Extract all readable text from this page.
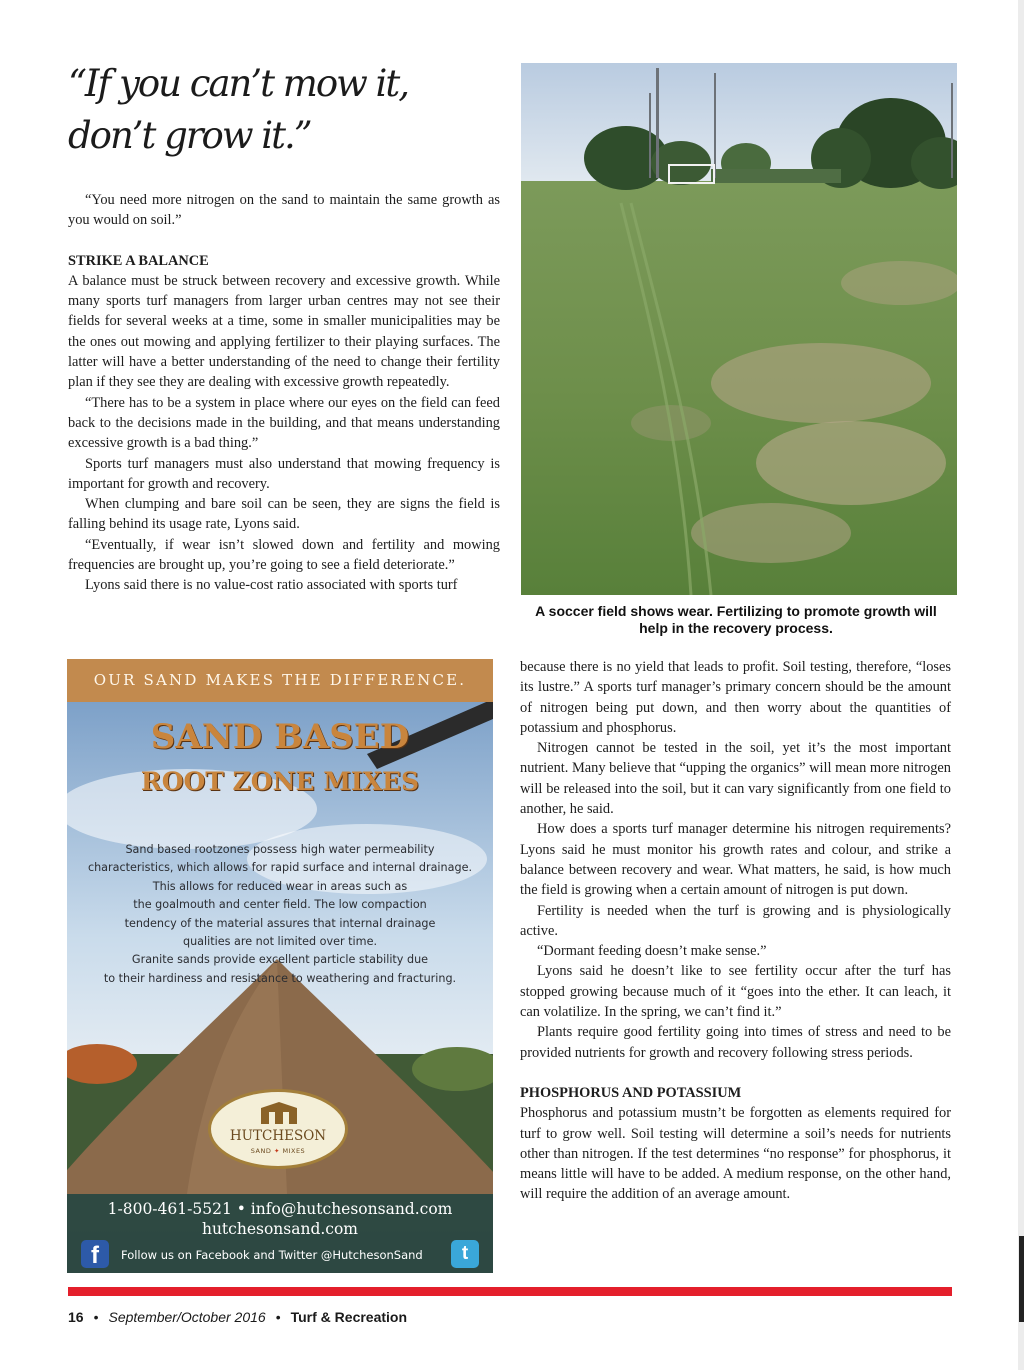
“If you can’t mow it,
don’t grow it.”

“You need more nitrogen on the sand to maintain the same growth as you would on soil.”

STRIKE A BALANCE

A balance must be struck between recovery and excessive growth. While many sports turf managers from larger urban centres may not see their fields for several weeks at a time, some in smaller municipalities may be the ones out mowing and applying fertilizer to their playing surfaces. The latter will have a better understanding of the need to change their fertility plan if they see they are dealing with excessive growth repeatedly.

“There has to be a system in place where our eyes on the field can feed back to the decisions made in the building, and that means understanding excessive growth is a bad thing.”

Sports turf managers must also understand that mowing frequency is important for growth and recovery.

When clumping and bare soil can be seen, they are signs the field is falling behind its usage rate, Lyons said.

“Eventually, if wear isn’t slowed down and fertility and mowing frequencies are brought up, you’re going to see a field deteriorate.”

Lyons said there is no value-cost ratio associated with sports turf

A soccer field shows wear. Fertilizing to promote growth will help in the recovery process.
OUR SAND MAKES THE DIFFERENCE.
SAND BASED
ROOT ZONE MIXES
Sand based rootzones possess high water permeability
characteristics, which allows for rapid surface and internal drainage.
This allows for reduced wear in areas such as
the goalmouth and center field. The low compaction
tendency of the material assures that internal drainage
qualities are not limited over time.
Granite sands provide excellent particle stability due
to their hardiness and resistance to weathering and fracturing.
HUTCHESON
SAND ✦ MIXES
1-800-461-5521 • info@hutchesonsand.com
hutchesonsand.com
f	Follow us on Facebook and Twitter @HutchesonSand	t

because there is no yield that leads to profit. Soil testing, therefore, “loses its lustre.” A sports turf manager’s primary concern should be the amount of nitrogen being put down, and then worry about the quantities of potassium and phosphorus.

Nitrogen cannot be tested in the soil, yet it’s the most important nutrient. Many believe that “upping the organics” will mean more nitrogen will be released into the soil, but it can vary significantly from one field to another, he said.

How does a sports turf manager determine his nitrogen requirements? Lyons said he must monitor his growth rates and colour, and strike a balance between recovery and wear. What matters, he said, is how much the field is growing when a certain amount of nitrogen is put down.

Fertility is needed when the turf is growing and is physiologically active.

“Dormant feeding doesn’t make sense.”

Lyons said he doesn’t like to see fertility occur after the turf has stopped growing because much of it “goes into the ether. It can leach, it can volatilize. In the spring, we can’t find it.”

Plants require good fertility going into times of stress and need to be provided nutrients for growth and recovery following stress periods.

PHOSPHORUS AND POTASSIUM

Phosphorus and potassium mustn’t be forgotten as elements required for turf to grow well. Soil testing will determine a soil’s needs for nutrients other than nitrogen. If the test determines “no response” for phosphorus, it means little will have to be added. A medium response, on the other hand, will require the addition of an average amount.

16 • September/October 2016 • Turf & Recreation
